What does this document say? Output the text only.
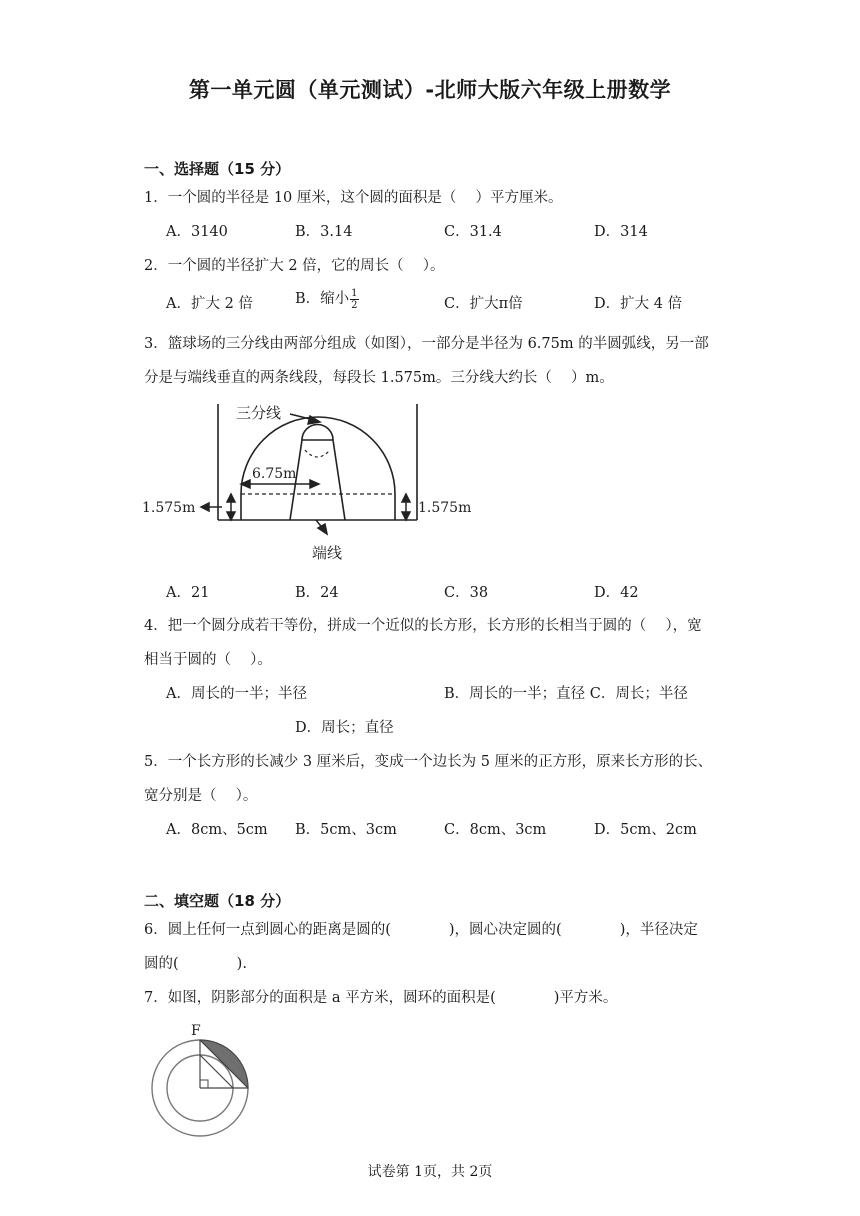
第一单元圆（单元测试）-北师大版六年级上册数学
一、选择题（15 分）
1．一个圆的半径是 10 厘米，这个圆的面积是（　 ）平方厘米。
A．3140	B．3.14	C．31.4	D．314
2．一个圆的半径扩大 2 倍，它的周长（　 ）。
A．扩大 2 倍	B．缩小 $\frac{1}{2}$	C．扩大π倍	D．扩大 4 倍
3．篮球场的三分线由两部分组成（如图），一部分是半径为 6.75m 的半圆弧线，另一部
分是与端线垂直的两条线段，每段长 1.575m。三分线大约长（　 ）m。
三分线
6.75m
1.575m	1.575m
端线
A．21	B．24	C．38	D．42
4．把一个圆分成若干等份，拼成一个近似的长方形，长方形的长相当于圆的（　 ），宽
相当于圆的（　 ）。
A．周长的一半；半径	B．周长的一半；直径 C．周长；半径
D．周长；直径
5．一个长方形的长减少 3 厘米后，变成一个边长为 5 厘米的正方形，原来长方形的长、
宽分别是（　 ）。
A．8cm、5cm B．5cm、3cm	C．8cm、3cm	D．5cm、2cm
二、填空题（18 分）
6．圆上任何一点到圆心的距离是圆的(　　　　)，圆心决定圆的(　　　　)，半径决定
圆的(　　　　).
7．如图，阴影部分的面积是 a 平方米，圆环的面积是(　　　　)平方米。
F
试卷第 1页，共 2页
